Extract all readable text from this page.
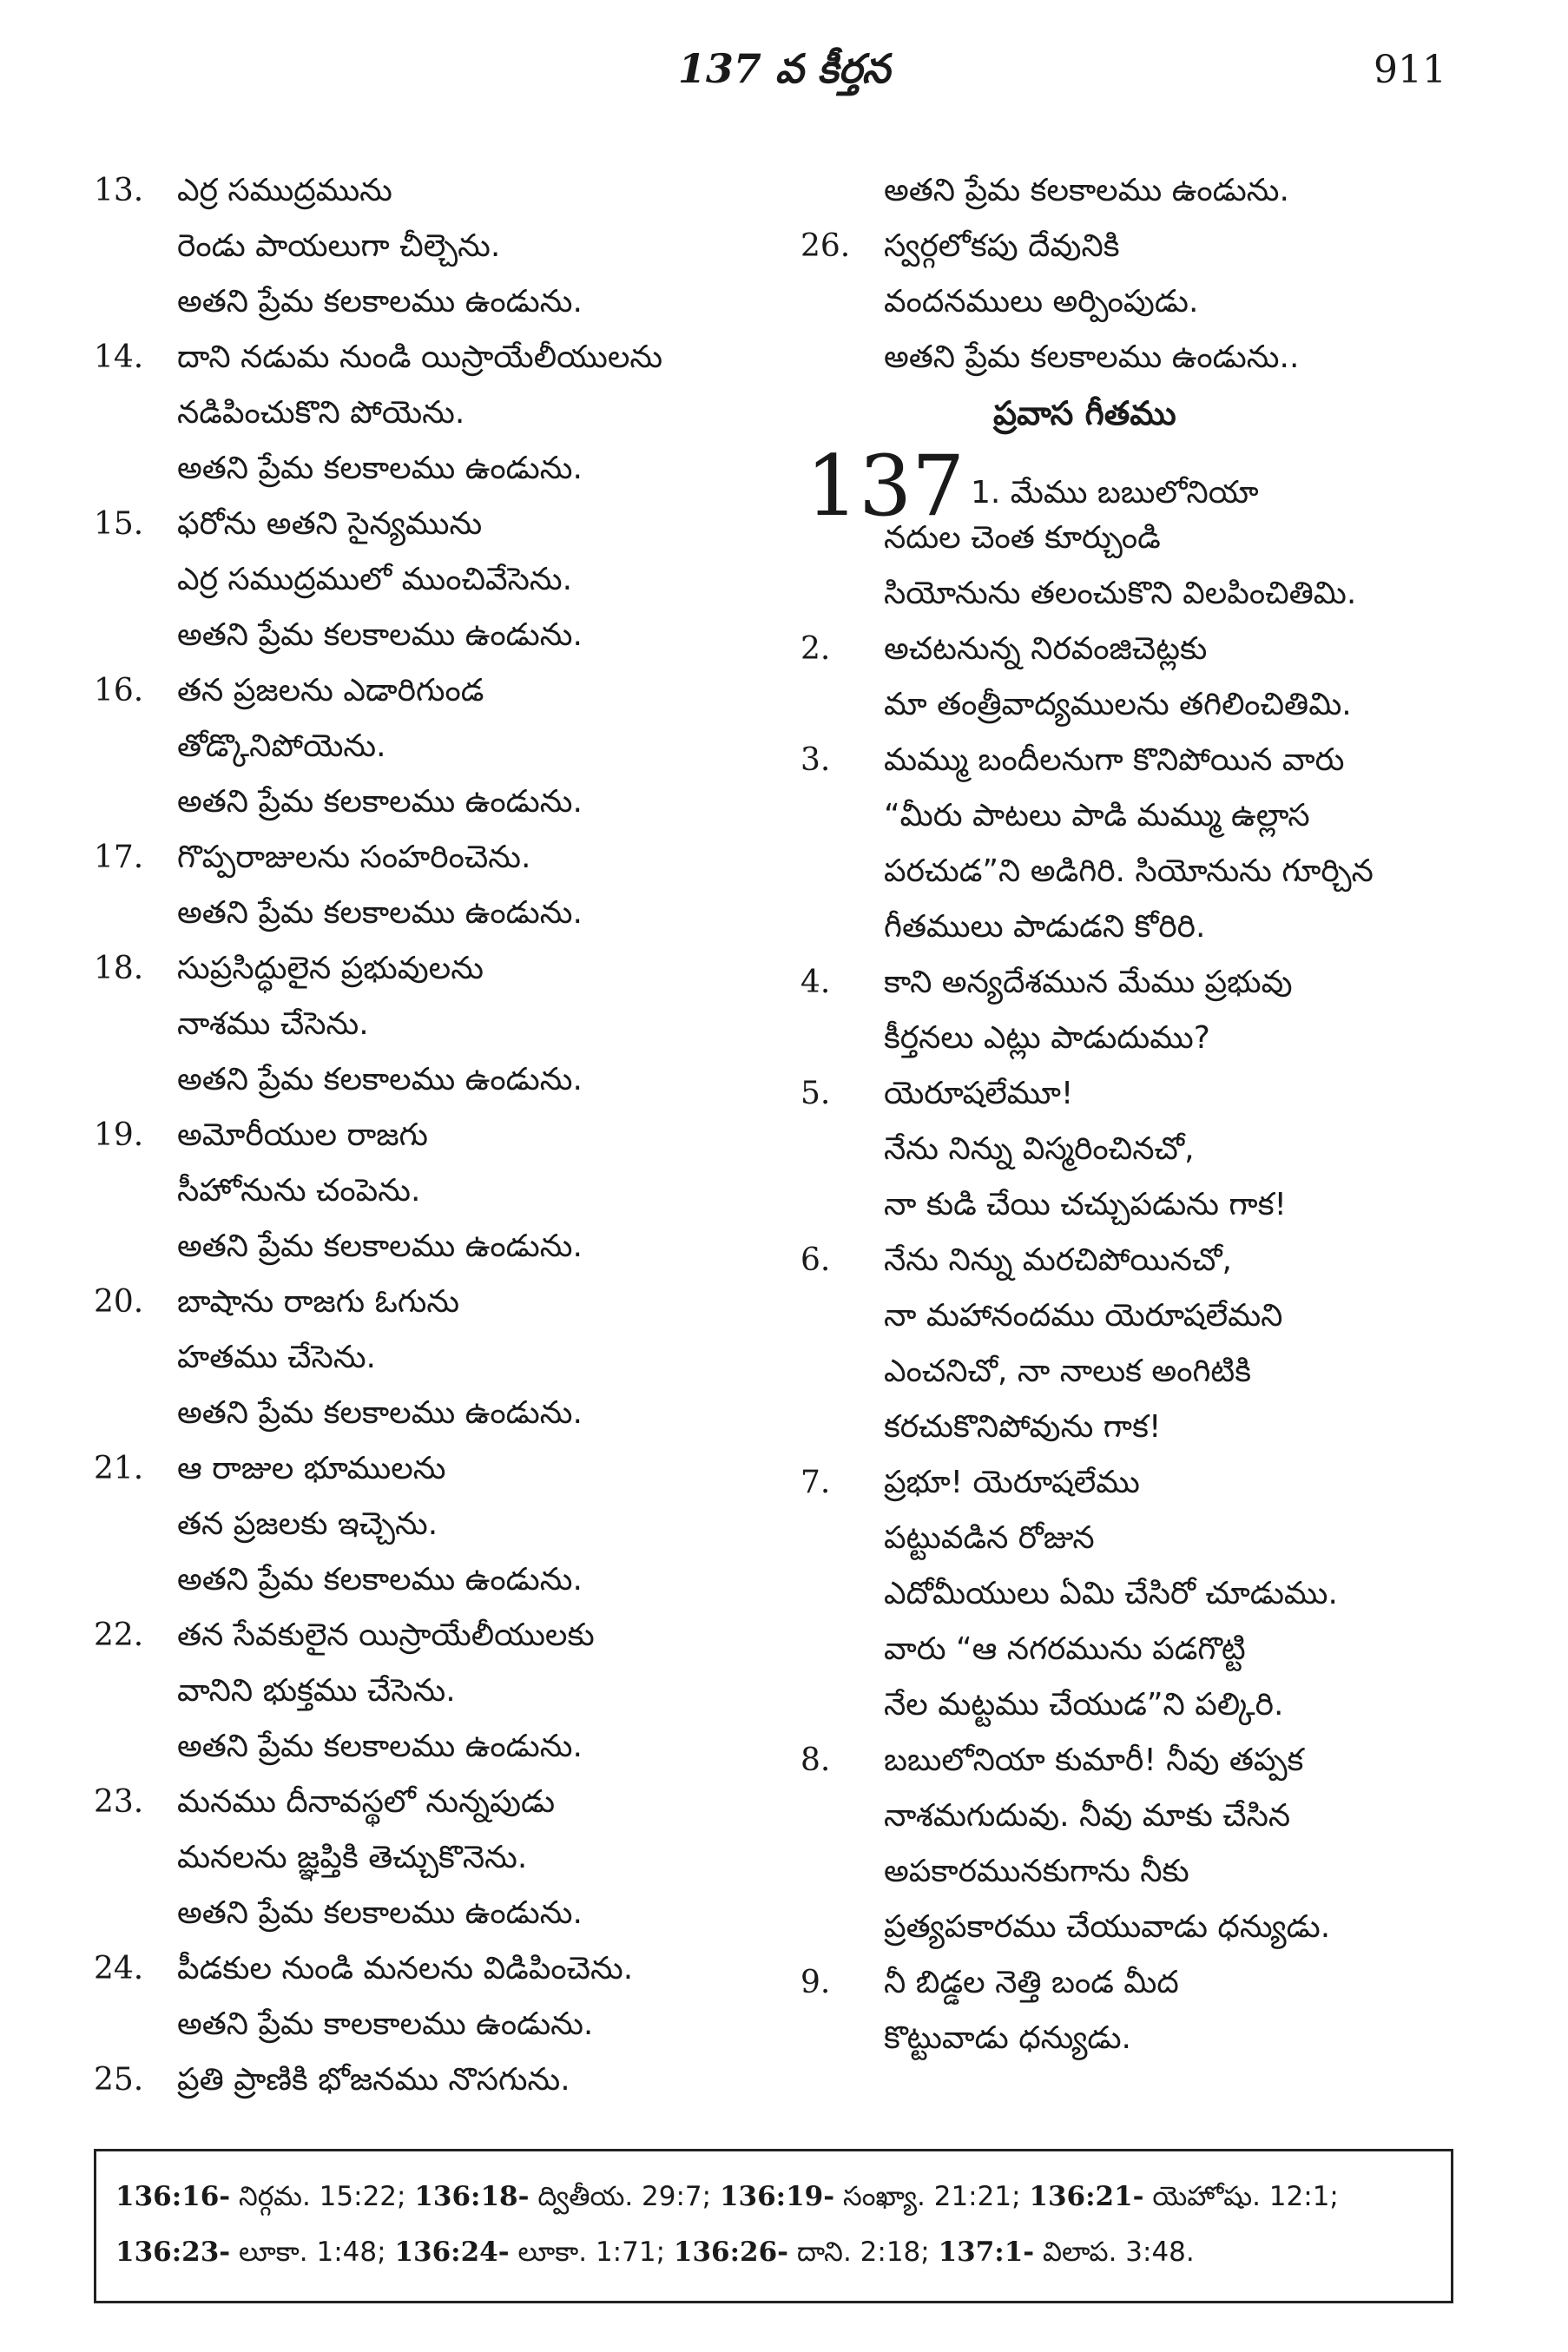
137 వ కీర్తన	911
13. ఎర్ర సముద్రమును
రెండు పాయలుగా చీల్చెను.
అతని ప్రేమ కలకాలము ఉండును.
14. దాని నడుమ నుండి యిస్రాయేలీయులను
నడిపించుకొని పోయెను.
అతని ప్రేమ కలకాలము ఉండును.
15. ఫరోను అతని సైన్యమును
ఎర్ర సముద్రములో ముంచివేసెను.
అతని ప్రేమ కలకాలము ఉండును.
16. తన ప్రజలను ఎడారిగుండ
తోడ్కొనిపోయెను.
అతని ప్రేమ కలకాలము ఉండును.
17. గొప్పరాజులను సంహరించెను.
అతని ప్రేమ కలకాలము ఉండును.
18. సుప్రసిద్ధులైన ప్రభువులను
నాశము చేసెను.
అతని ప్రేమ కలకాలము ఉండును.
19. అమోరీయుల రాజగు
సీహోనును చంపెను.
అతని ప్రేమ కలకాలము ఉండును.
20. బాషాను రాజగు ఓగును
హతము చేసెను.
అతని ప్రేమ కలకాలము ఉండును.
21. ఆ రాజుల భూములను
తన ప్రజలకు ఇచ్చెను.
అతని ప్రేమ కలకాలము ఉండును.
22. తన సేవకులైన యిస్రాయేలీయులకు
వానిని భుక్తము చేసెను.
అతని ప్రేమ కలకాలము ఉండును.
23. మనము దీనావస్థలో నున్నపుడు
మనలను జ్ఞప్తికి తెచ్చుకొనెను.
అతని ప్రేమ కలకాలము ఉండును.
24. పీడకుల నుండి మనలను విడిపించెను.
అతని ప్రేమ కాలకాలము ఉండును.
25. ప్రతి ప్రాణికి భోజనము నొసగును.
అతని ప్రేమ కలకాలము ఉండును.
26. స్వర్గలోకపు దేవునికి
వందనములు అర్పింపుడు.
అతని ప్రేమ కలకాలము ఉండును..
ప్రవాస గీతము
137 1. మేము బబులోనియా
నదుల చెంత కూర్చుండి
సియోనును తలంచుకొని విలపించితిమి.
2. అచటనున్న నిరవంజిచెట్లకు
మా తంత్రీవాద్యములను తగిలించితిమి.
3. మమ్ము బందీలనుగా కొనిపోయిన వారు
“మీరు పాటలు పాడి మమ్ము ఉల్లాస
పరచుడ”ని అడిగిరి. సియోనును గూర్చిన
గీతములు పాడుడని కోరిరి.
4. కాని అన్యదేశమున మేము ప్రభువు
కీర్తనలు ఎట్లు పాడుదుము?
5. యెరూషలేమూ!
నేను నిన్ను విస్మరించినచో,
నా కుడి చేయి చచ్చుపడును గాక!
6. నేను నిన్ను మరచిపోయినచో,
నా మహానందము యెరూషలేమని
ఎంచనిచో, నా నాలుక అంగిటికి
కరచుకొనిపోవును గాక!
7. ప్రభూ! యెరూషలేము
పట్టువడిన రోజున
ఎదోమీయులు ఏమి చేసిరో చూడుము.
వారు “ఆ నగరమును పడగొట్టి
నేల మట్టము చేయుడ”ని పల్కిరి.
8. బబులోనియా కుమారీ! నీవు తప్పక
నాశమగుదువు. నీవు మాకు చేసిన
అపకారమునకుగాను నీకు
ప్రత్యపకారము చేయువాడు ధన్యుడు.
9. నీ బిడ్డల నెత్తి బండ మీద
కొట్టువాడు ధన్యుడు.
136:16- నిర్గమ. 15:22; 136:18- ద్వితీయ. 29:7; 136:19- సంఖ్యా. 21:21; 136:21- యెహోషు. 12:1; 136:23- లూకా. 1:48; 136:24- లూకా. 1:71; 136:26- దాని. 2:18; 137:1- విలాప. 3:48.
